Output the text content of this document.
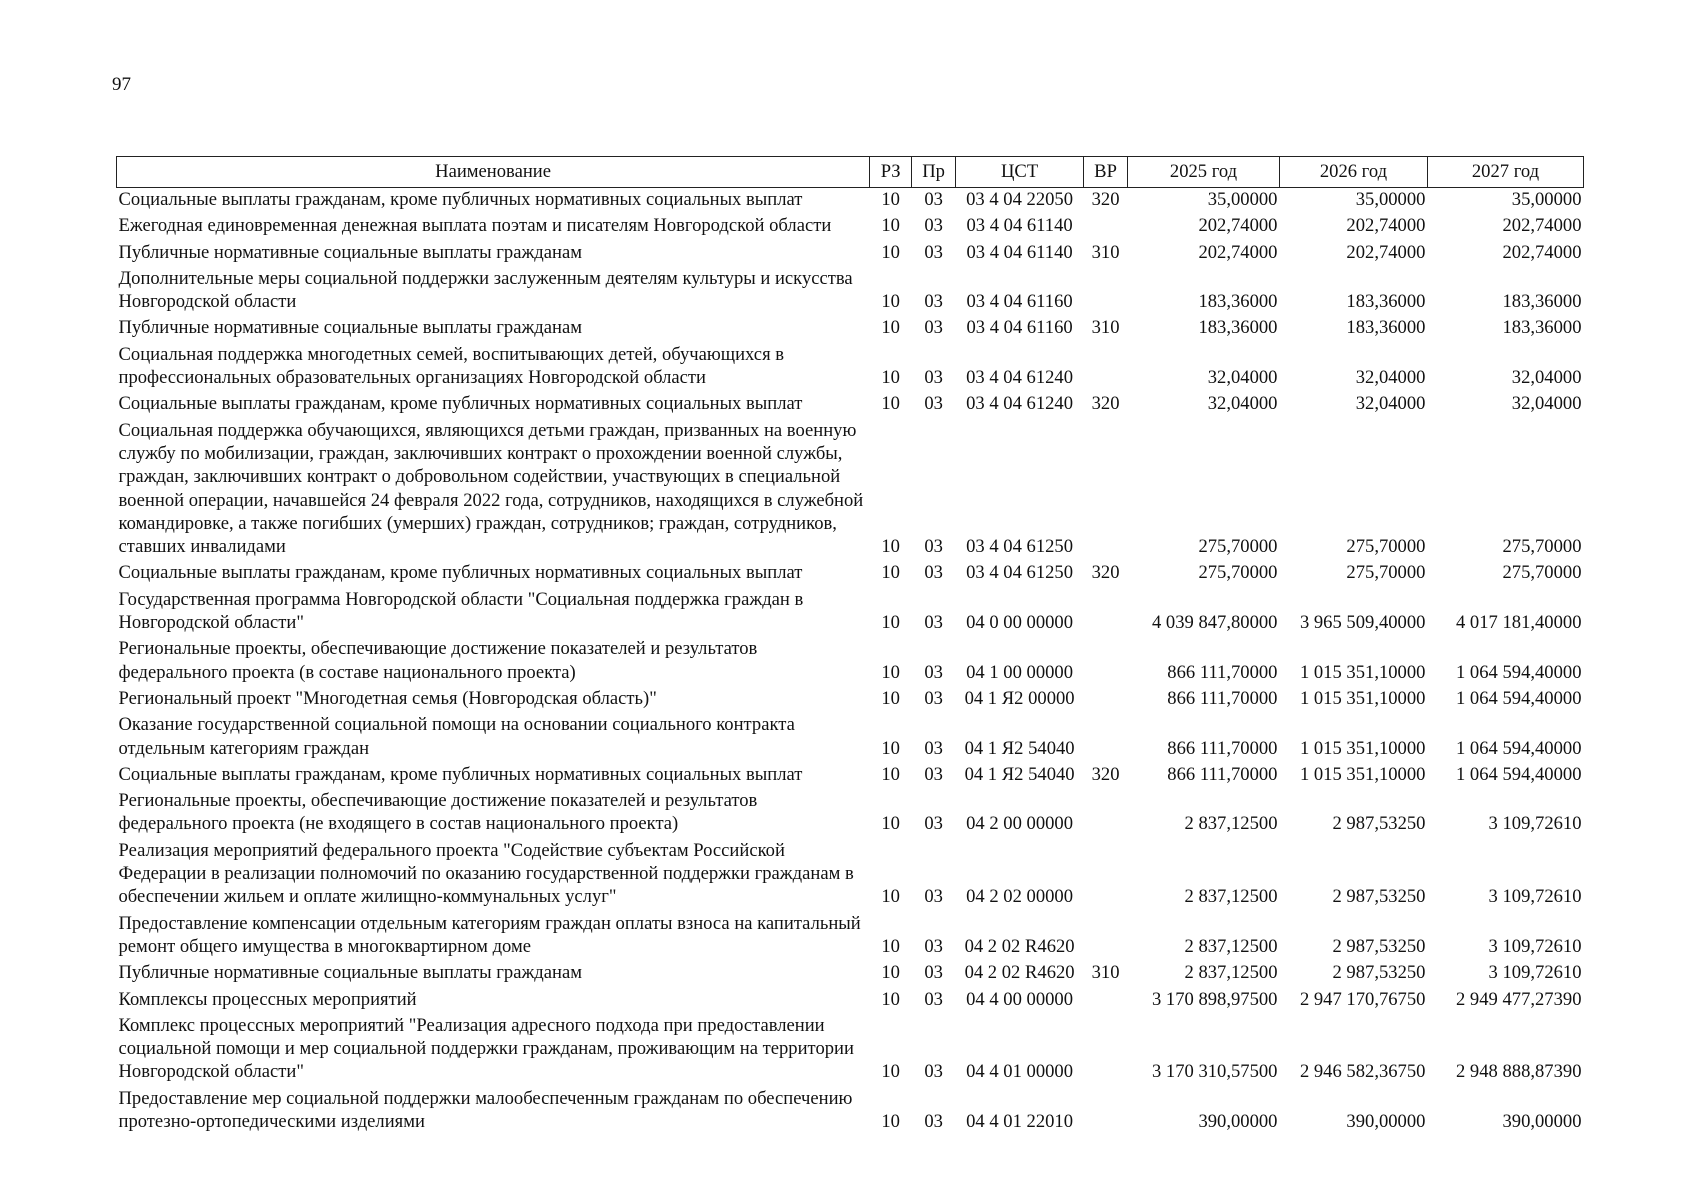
97
Наименование	РЗ	Пр	ЦСТ	ВР	2025 год	2026 год	2027 год
Социальные выплаты гражданам, кроме публичных нормативных социальных выплат	10	03	03 4 04 22050	320	35,00000	35,00000	35,00000
Ежегодная единовременная денежная выплата поэтам и писателям Новгородской области	10	03	03 4 04 61140		202,74000	202,74000	202,74000
Публичные нормативные социальные выплаты гражданам	10	03	03 4 04 61140	310	202,74000	202,74000	202,74000
Дополнительные меры социальной поддержки заслуженным деятелям культуры и искусства Новгородской области	10	03	03 4 04 61160		183,36000	183,36000	183,36000
Публичные нормативные социальные выплаты гражданам	10	03	03 4 04 61160	310	183,36000	183,36000	183,36000
Социальная поддержка многодетных семей, воспитывающих детей, обучающихся в профессиональных образовательных организациях Новгородской области	10	03	03 4 04 61240		32,04000	32,04000	32,04000
Социальные выплаты гражданам, кроме публичных нормативных социальных выплат	10	03	03 4 04 61240	320	32,04000	32,04000	32,04000
Социальная поддержка обучающихся, являющихся детьми граждан, призванных на военную службу по мобилизации, граждан, заключивших контракт о прохождении военной службы, граждан, заключивших контракт о добровольном содействии, участвующих в специальной военной операции, начавшейся 24 февраля 2022 года, сотрудников, находящихся в служебной командировке, а также погибших (умерших) граждан, сотрудников; граждан, сотрудников, ставших инвалидами	10	03	03 4 04 61250		275,70000	275,70000	275,70000
Социальные выплаты гражданам, кроме публичных нормативных социальных выплат	10	03	03 4 04 61250	320	275,70000	275,70000	275,70000
Государственная программа Новгородской области "Социальная поддержка граждан в Новгородской области"	10	03	04 0 00 00000		4 039 847,80000	3 965 509,40000	4 017 181,40000
Региональные проекты, обеспечивающие достижение показателей и результатов федерального проекта (в составе национального проекта)	10	03	04 1 00 00000		866 111,70000	1 015 351,10000	1 064 594,40000
Региональный проект "Многодетная семья (Новгородская область)"	10	03	04 1 Я2 00000		866 111,70000	1 015 351,10000	1 064 594,40000
Оказание государственной социальной помощи на основании социального контракта отдельным категориям граждан	10	03	04 1 Я2 54040		866 111,70000	1 015 351,10000	1 064 594,40000
Социальные выплаты гражданам, кроме публичных нормативных социальных выплат	10	03	04 1 Я2 54040	320	866 111,70000	1 015 351,10000	1 064 594,40000
Региональные проекты, обеспечивающие достижение показателей и результатов федерального проекта (не входящего в состав национального проекта)	10	03	04 2 00 00000		2 837,12500	2 987,53250	3 109,72610
Реализация мероприятий федерального проекта "Содействие субъектам Российской Федерации в реализации полномочий по оказанию государственной поддержки гражданам в обеспечении жильем и оплате жилищно-коммунальных услуг"	10	03	04 2 02 00000		2 837,12500	2 987,53250	3 109,72610
Предоставление компенсации отдельным категориям граждан оплаты взноса на капитальный ремонт общего имущества в многоквартирном доме	10	03	04 2 02 R4620		2 837,12500	2 987,53250	3 109,72610
Публичные нормативные социальные выплаты гражданам	10	03	04 2 02 R4620	310	2 837,12500	2 987,53250	3 109,72610
Комплексы процессных мероприятий	10	03	04 4 00 00000		3 170 898,97500	2 947 170,76750	2 949 477,27390
Комплекс процессных мероприятий "Реализация адресного подхода при предоставлении социальной помощи и мер социальной поддержки гражданам, проживающим на территории Новгородской области"	10	03	04 4 01 00000		3 170 310,57500	2 946 582,36750	2 948 888,87390
Предоставление мер социальной поддержки малообеспеченным гражданам по обеспечению протезно-ортопедическими изделиями	10	03	04 4 01 22010		390,00000	390,00000	390,00000
